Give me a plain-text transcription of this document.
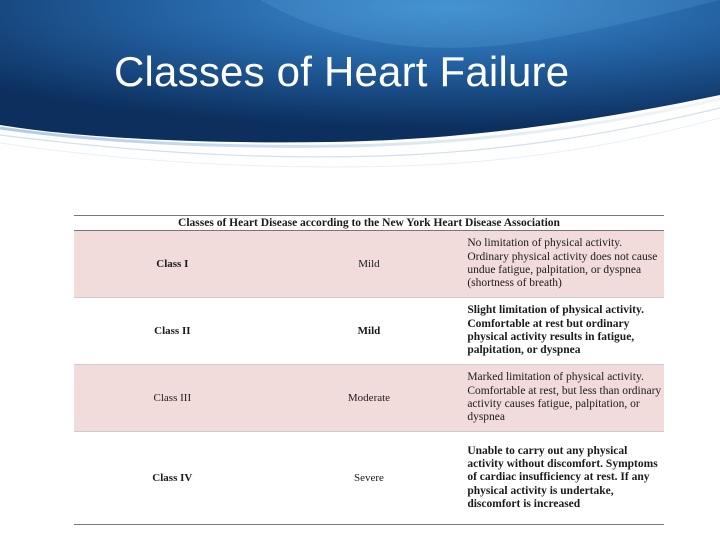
Classes of Heart Failure
Classes of Heart Disease according to the New York Heart Disease Association		
Class I	Mild	No limitation of physical activity. Ordinary physical activity does not cause undue fatigue, palpitation, or dyspnea (shortness of breath)

Class II	Mild	Slight limitation of physical activity. Comfortable at rest but ordinary physical activity results in fatigue, palpitation, or dyspnea

Class III	Moderate	Marked limitation of physical activity. Comfortable at rest, but less than ordinary activity causes fatigue, palpitation, or dyspnea

Class IV	Severe	Unable to carry out any physical activity without discomfort. Symptoms of cardiac insufficiency at rest. If any physical activity is undertake, discomfort is increased
